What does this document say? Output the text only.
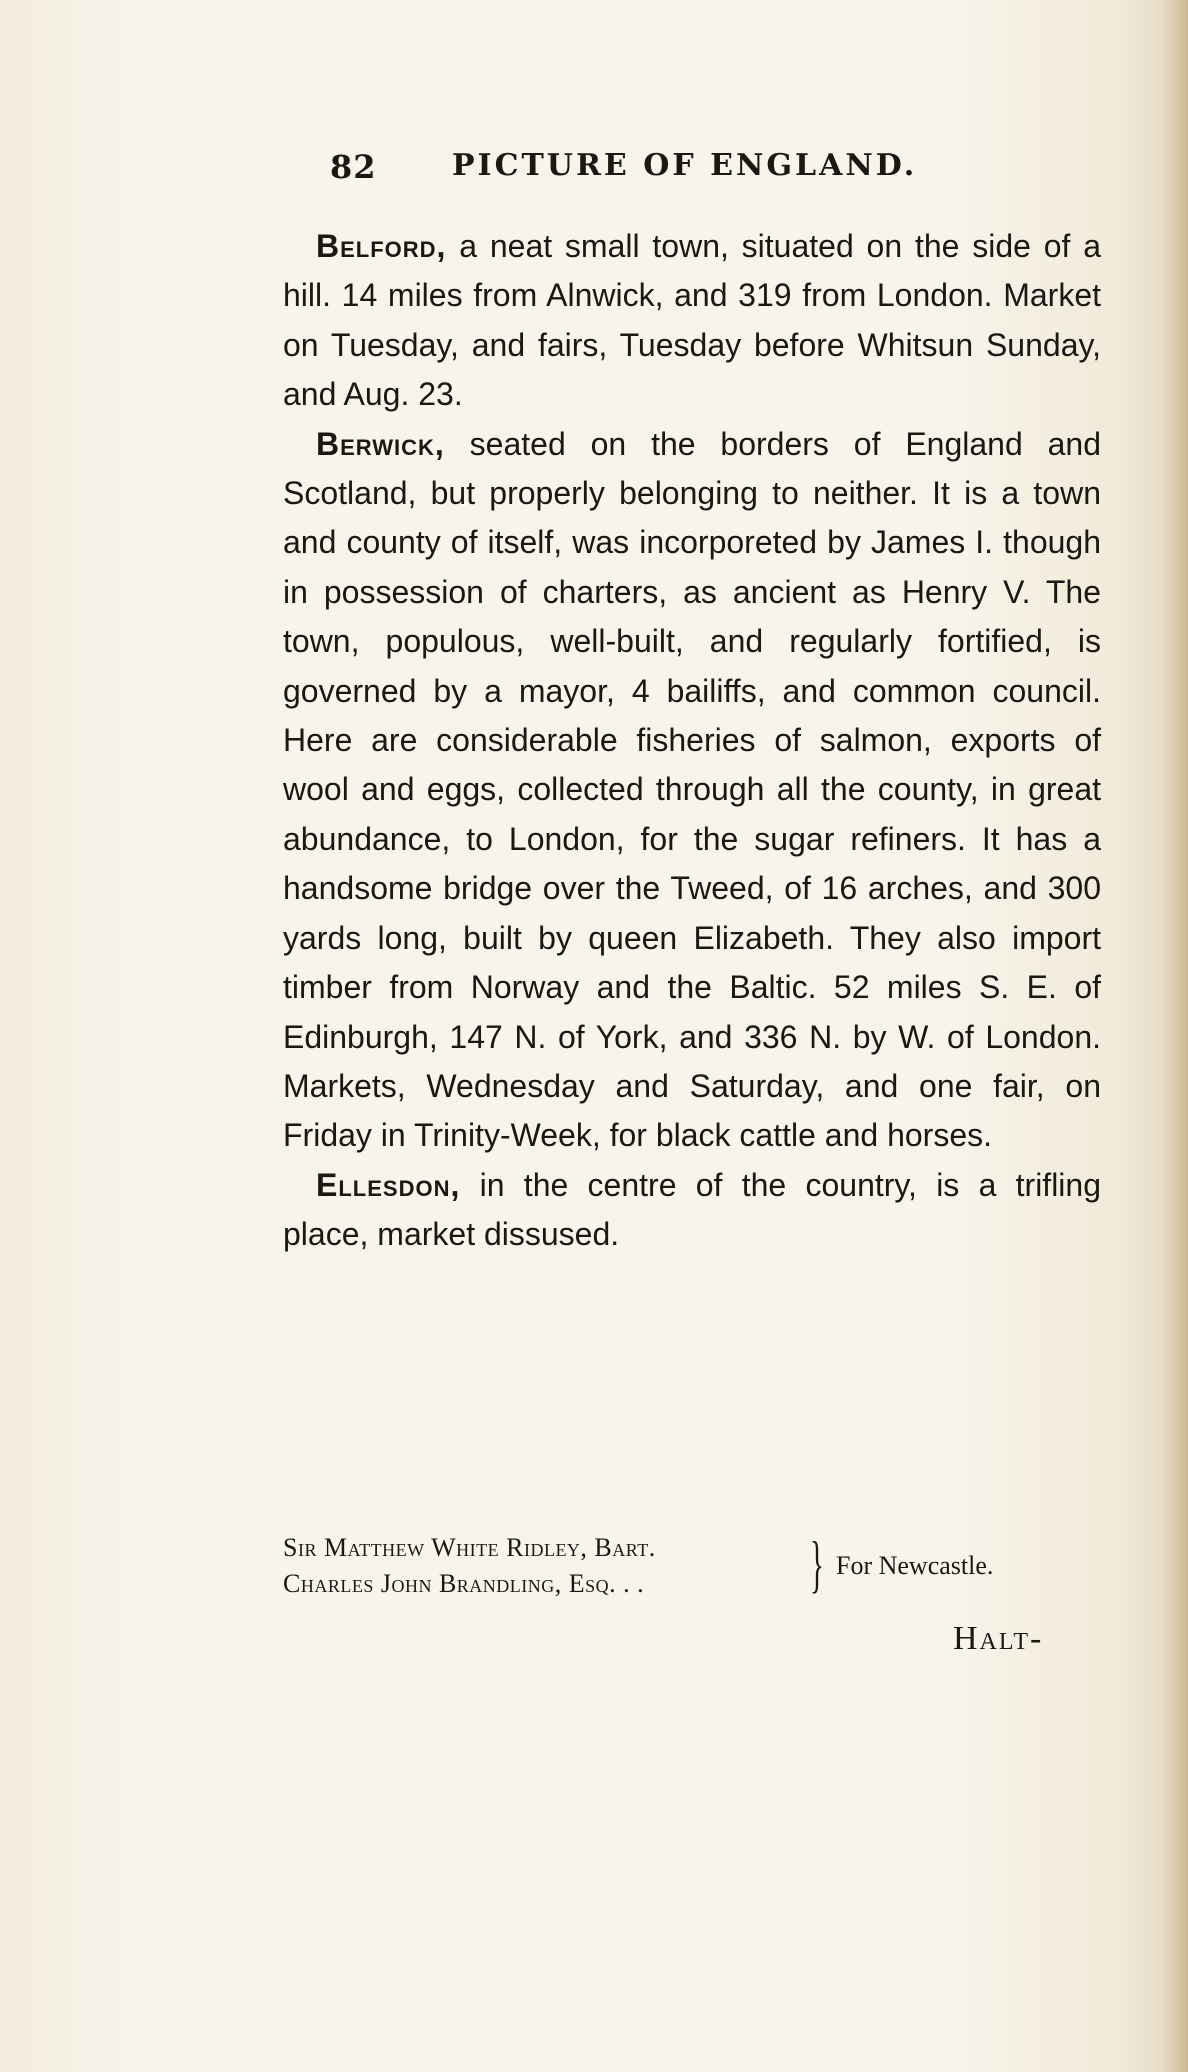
82	PICTURE OF ENGLAND.

Belford, a neat small town, situated on the side of a hill. 14 miles from Alnwick, and 319 from London. Market on Tuesday, and fairs, Tuesday before Whitsun Sunday, and Aug. 23.

Berwick, seated on the borders of England and Scotland, but properly belonging to neither. It is a town and county of itself, was incorporeted by James I. though in possession of charters, as ancient as Henry V. The town, populous, well-built, and regularly fortified, is governed by a mayor, 4 bailiffs, and common council. Here are considerable fisheries of salmon, exports of wool and eggs, collected through all the county, in great abundance, to London, for the sugar refiners. It has a handsome bridge over the Tweed, of 16 arches, and 300 yards long, built by queen Elizabeth. They also import timber from Norway and the Baltic. 52 miles S. E. of Edinburgh, 147 N. of York, and 336 N. by W. of London. Markets, Wednesday and Saturday, and one fair, on Friday in Trinity-Week, for black cattle and horses.

Ellesdon, in the centre of the country, is a trifling place, market dissused.

Sir Matthew White Ridley, Bart.
Charles John Brandling, Esq. . .	} For Newcastle.
Halt-
